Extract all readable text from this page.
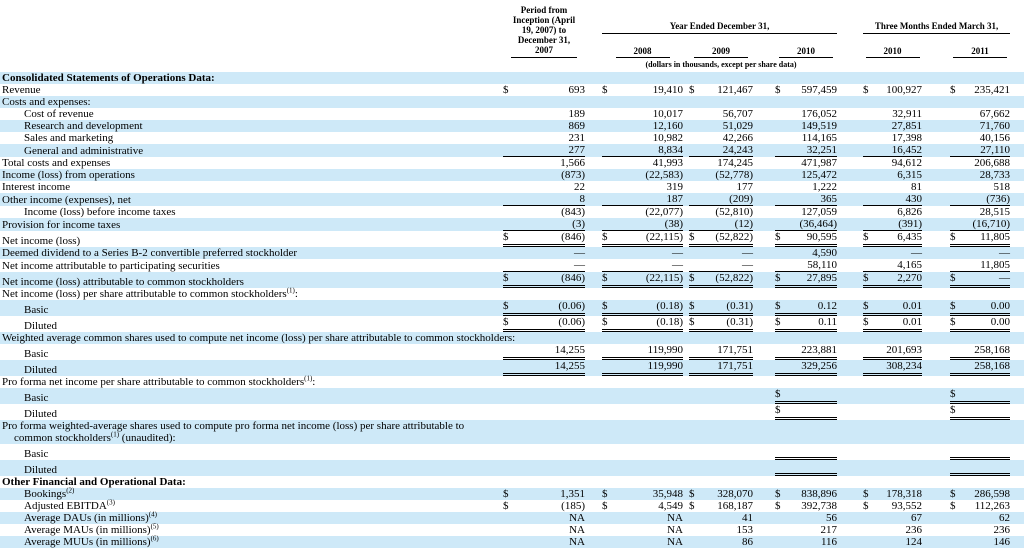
	Period from Inception (April 19, 2007) to December 31, 2007	Year Ended December 31,			Three Months Ended March 31,		

		2008	2009	2010	2010	2011	

	(dollars in thousands, except per share data)						

Consolidated Statements of Operations Data:							
Revenue	$ 693	$ 19,410	$ 121,467	$ 597,459	$ 100,927	$ 235,421	

Costs and expenses:							
Cost of revenue	189	10,017	56,707	176,052	32,911	67,662	

Research and development	869	12,160	51,029	149,519	27,851	71,760	

Sales and marketing	231	10,982	42,266	114,165	17,398	40,156	

General and administrative	277	8,834	24,243	32,251	16,452	27,110	

Total costs and expenses	1,566	41,993	174,245	471,987	94,612	206,688	

Income (loss) from operations	(873)	(22,583)	(52,778)	125,472	6,315	28,733	

Interest income	22	319	177	1,222	81	518	

Other income (expenses), net	8	187	(209)	365	430	(736)	

Income (loss) before income taxes	(843)	(22,077)	(52,810)	127,059	6,826	28,515	

Provision for income taxes	(3)	(38)	(12)	(36,464)	(391)	(16,710)	

Net income (loss)	$ (846)	$ (22,115)	$ (52,822)	$ 90,595	$ 6,435	$ 11,805	

Deemed dividend to a Series B-2 convertible preferred stockholder	—	—	—	4,590	—	—	

Net income attributable to participating securities	—	—	—	58,110	4,165	11,805	

Net income (loss) attributable to common stockholders	$ (846)	$ (22,115)	$ (52,822)	$ 27,895	$ 2,270	$ —	

Net income (loss) per share attributable to common stockholders$^{(1)}$:							
Basic	$ (0.06)	$ (0.18)	$ (0.31)	$ 0.12	$ 0.01	$ 0.00	

Diluted	$ (0.06)	$ (0.18)	$ (0.31)	$ 0.11	$ 0.01	$ 0.00	

Weighted average common shares used to compute net income (loss) per share attributable to common stockholders:							
Basic	14,255	119,990	171,751	223,881	201,693	258,168	

Diluted	14,255	119,990	171,751	329,256	308,234	258,168	

Pro forma net income per share attributable to common stockholders$^{(1)}$:							
Basic				$		$	

Diluted				$		$	

Pro forma weighted-average shares used to compute pro forma net income (loss) per share attributable to common stockholders$^{(1)}$ (unaudited):							
Basic				

Diluted				

Other Financial and Operational Data:							
Bookings$^{(2)}$	$ 1,351	$ 35,948	$ 328,070	$ 838,896	$ 178,318	$ 286,598	

Adjusted EBITDA$^{(3)}$	$ (185)	$ 4,549	$ 168,187	$ 392,738	$ 93,552	$ 112,263	

Average DAUs (in millions)$^{(4)}$	NA	NA	41	56	67	62	

Average MAUs (in millions)$^{(5)}$	NA	NA	153	217	236	236	

Average MUUs (in millions)$^{(6)}$	NA	NA	86	116	124	146	
